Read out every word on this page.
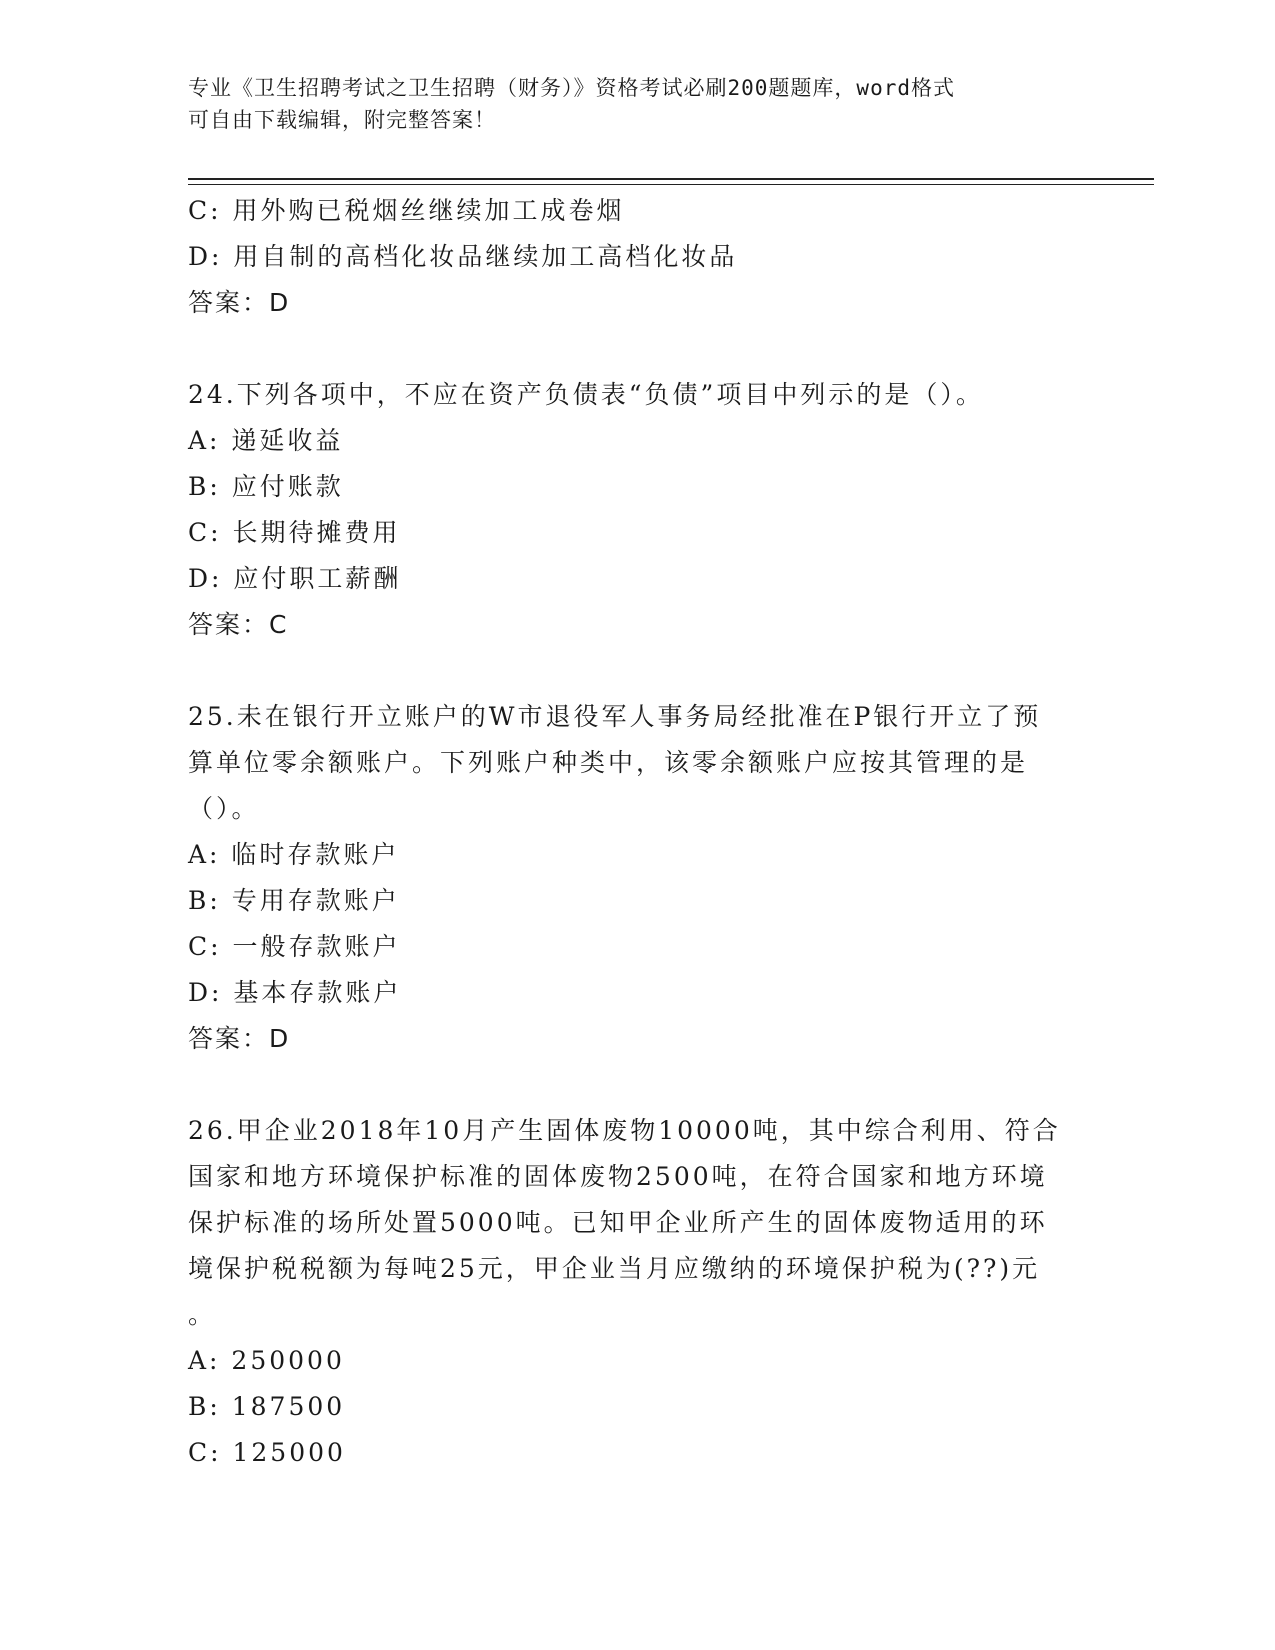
专业《卫生招聘考试之卫生招聘（财务）》资格考试必刷200题题库，word格式
可自由下载编辑，附完整答案！

C: 用外购已税烟丝继续加工成卷烟

D: 用自制的高档化妆品继续加工高档化妆品

答案：D

24.下列各项中，不应在资产负债表“负债”项目中列示的是（）。

A: 递延收益

B: 应付账款

C: 长期待摊费用

D: 应付职工薪酬

答案：C

25.未在银行开立账户的W市退役军人事务局经批准在P银行开立了预

算单位零余额账户。下列账户种类中，该零余额账户应按其管理的是

（）。

A: 临时存款账户

B: 专用存款账户

C: 一般存款账户

D: 基本存款账户

答案：D

26.甲企业2018年10月产生固体废物10000吨，其中综合利用、符合

国家和地方环境保护标准的固体废物2500吨，在符合国家和地方环境

保护标准的场所处置5000吨。已知甲企业所产生的固体废物适用的环

境保护税税额为每吨25元，甲企业当月应缴纳的环境保护税为(??)元

。

A: 250000

B: 187500

C: 125000
